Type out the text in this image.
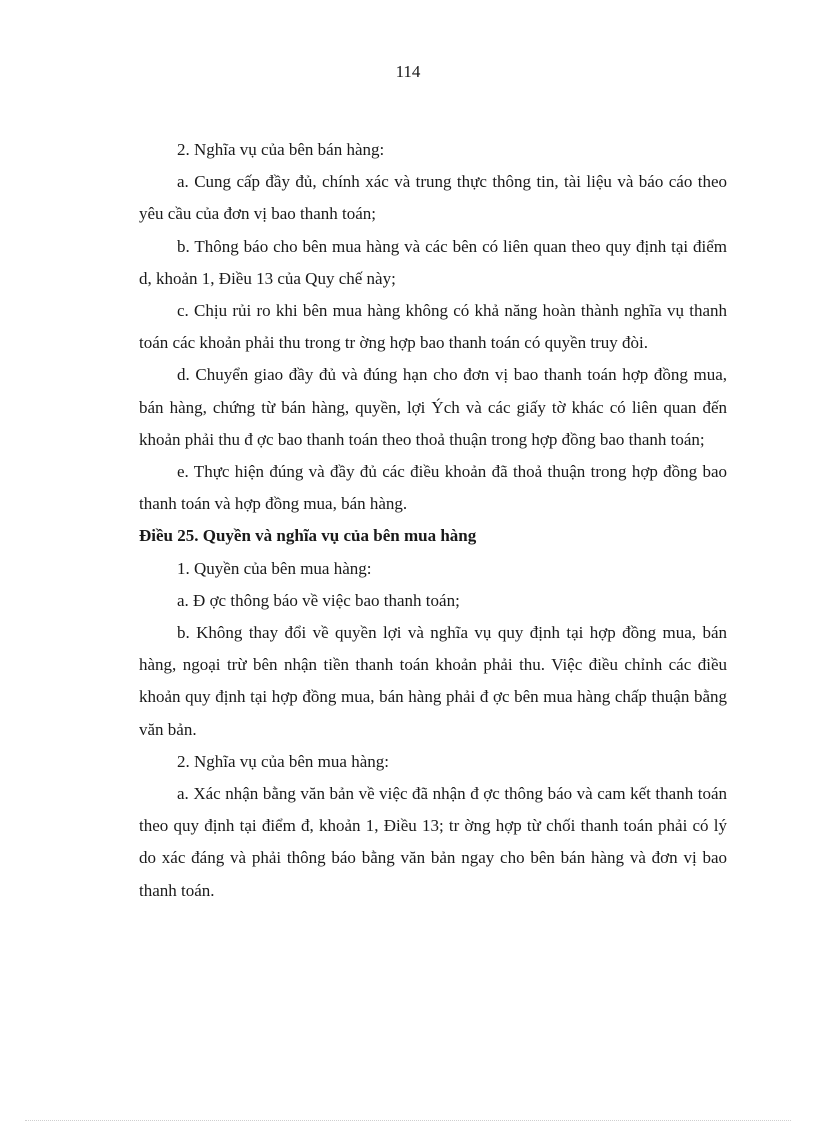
114

2. Nghĩa vụ của bên bán hàng:

a. Cung cấp đầy đủ, chính xác và trung thực thông tin, tài liệu và báo cáo theo yêu cầu của đơn vị bao thanh toán;

b. Thông báo cho bên mua hàng và các bên có liên quan theo quy định tại điểm d, khoản 1, Điều 13 của Quy chế này;

c. Chịu rủi ro khi bên mua hàng không có khả năng hoàn thành nghĩa vụ thanh toán các khoản phải thu trong tr ờng hợp bao thanh toán có quyền truy đòi.

d. Chuyển giao đầy đủ và đúng hạn cho đơn vị bao thanh toán hợp đồng mua, bán hàng, chứng từ bán hàng, quyền, lợi Ých và các giấy tờ khác có liên quan đến khoản phải thu đ ợc bao thanh toán theo thoả thuận trong hợp đồng bao thanh toán;

e. Thực hiện đúng và đầy đủ các điều khoản đã thoả thuận trong hợp đồng bao thanh toán và hợp đồng mua, bán hàng.

Điều 25. Quyền và nghĩa vụ của bên mua hàng

1. Quyền của bên mua hàng:

a. Đ ợc thông báo về việc bao thanh toán;

b. Không thay đổi về quyền lợi và nghĩa vụ quy định tại hợp đồng mua, bán hàng, ngoại trừ bên nhận tiền thanh toán khoản phải thu. Việc điều chỉnh các điều khoản quy định tại hợp đồng mua, bán hàng phải đ ợc bên mua hàng chấp thuận bằng văn bản.

2. Nghĩa vụ của bên mua hàng:

a. Xác nhận bằng văn bản về việc đã nhận đ ợc thông báo và cam kết thanh toán theo quy định tại điểm đ, khoản 1, Điều 13; tr ờng hợp từ chối thanh toán phải có lý do xác đáng và phải thông báo bằng văn bản ngay cho bên bán hàng và đơn vị bao thanh toán.
